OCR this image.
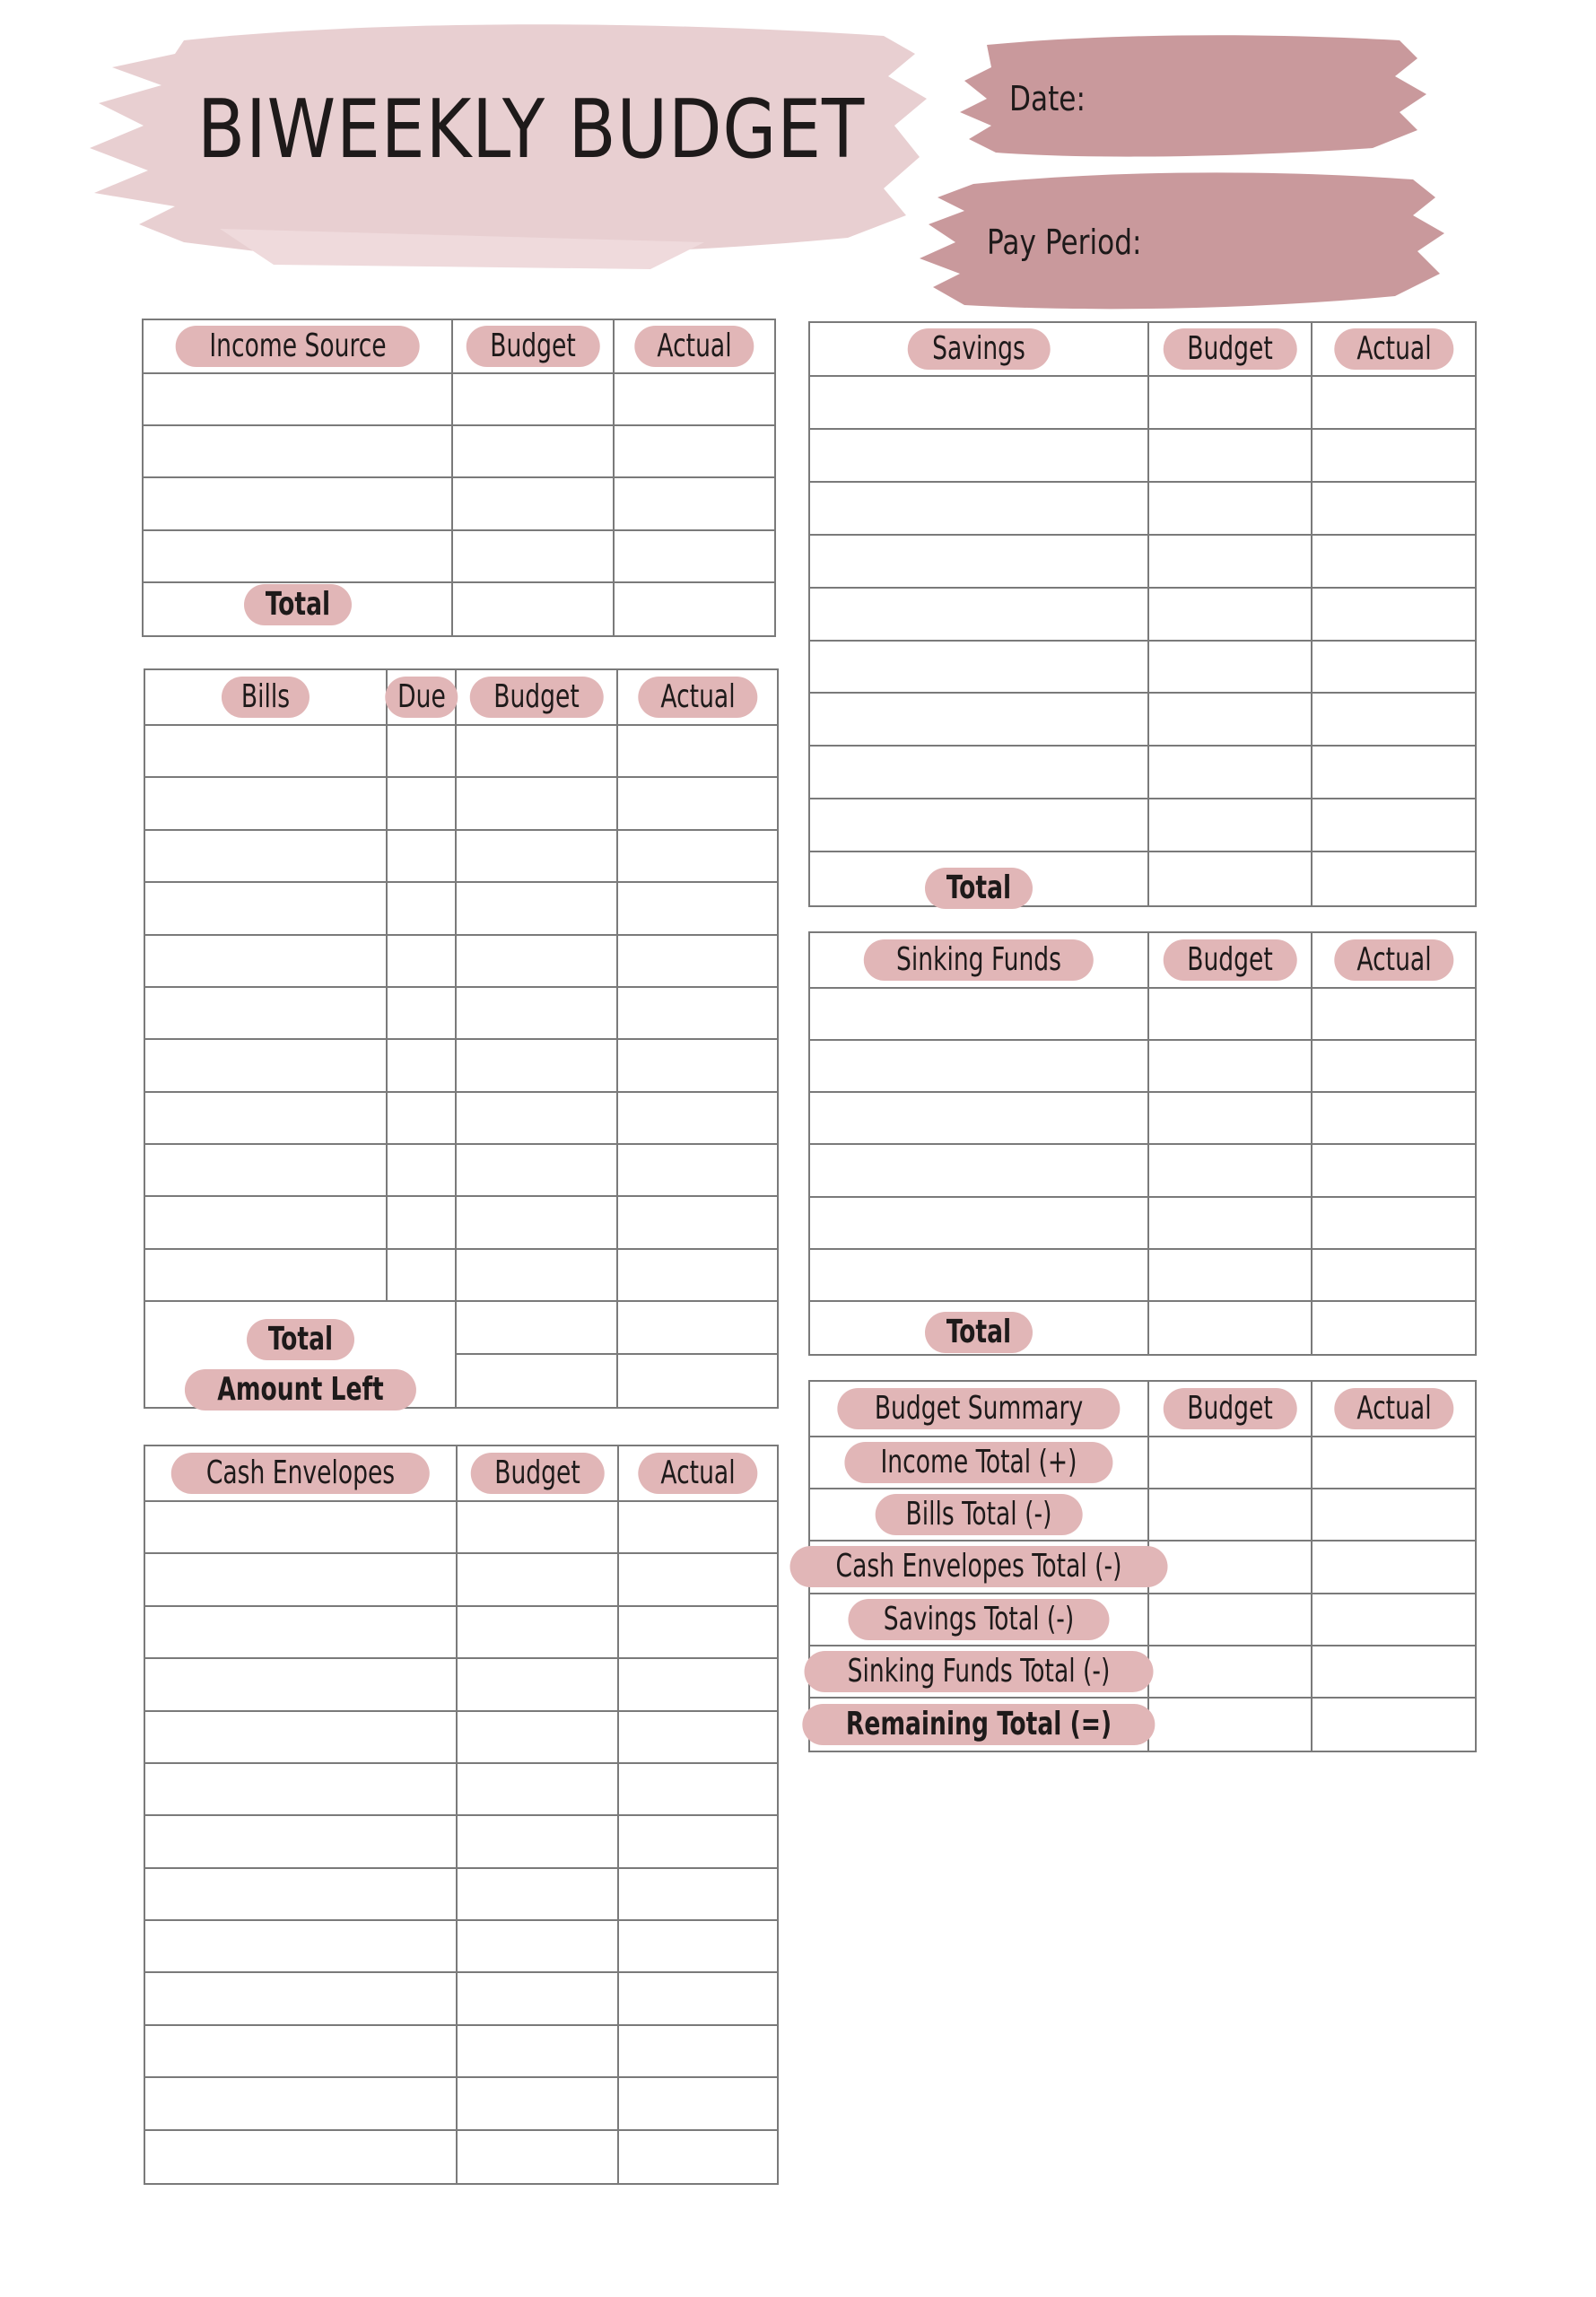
BIWEEKLY BUDGET	Date:
Pay Period:
Income Source	Budget	Actual
Total
Bills	Due	Budget	Actual
Total
Amount Left
Cash Envelopes	Budget	Actual
Savings	Budget	Actual
Total
Sinking Funds	Budget	Actual
Total
Budget Summary	Budget	Actual
Income Total (+)
Bills Total (-)
Cash Envelopes Total (-)
Savings Total (-)
Sinking Funds Total (-)
Remaining Total (=)
